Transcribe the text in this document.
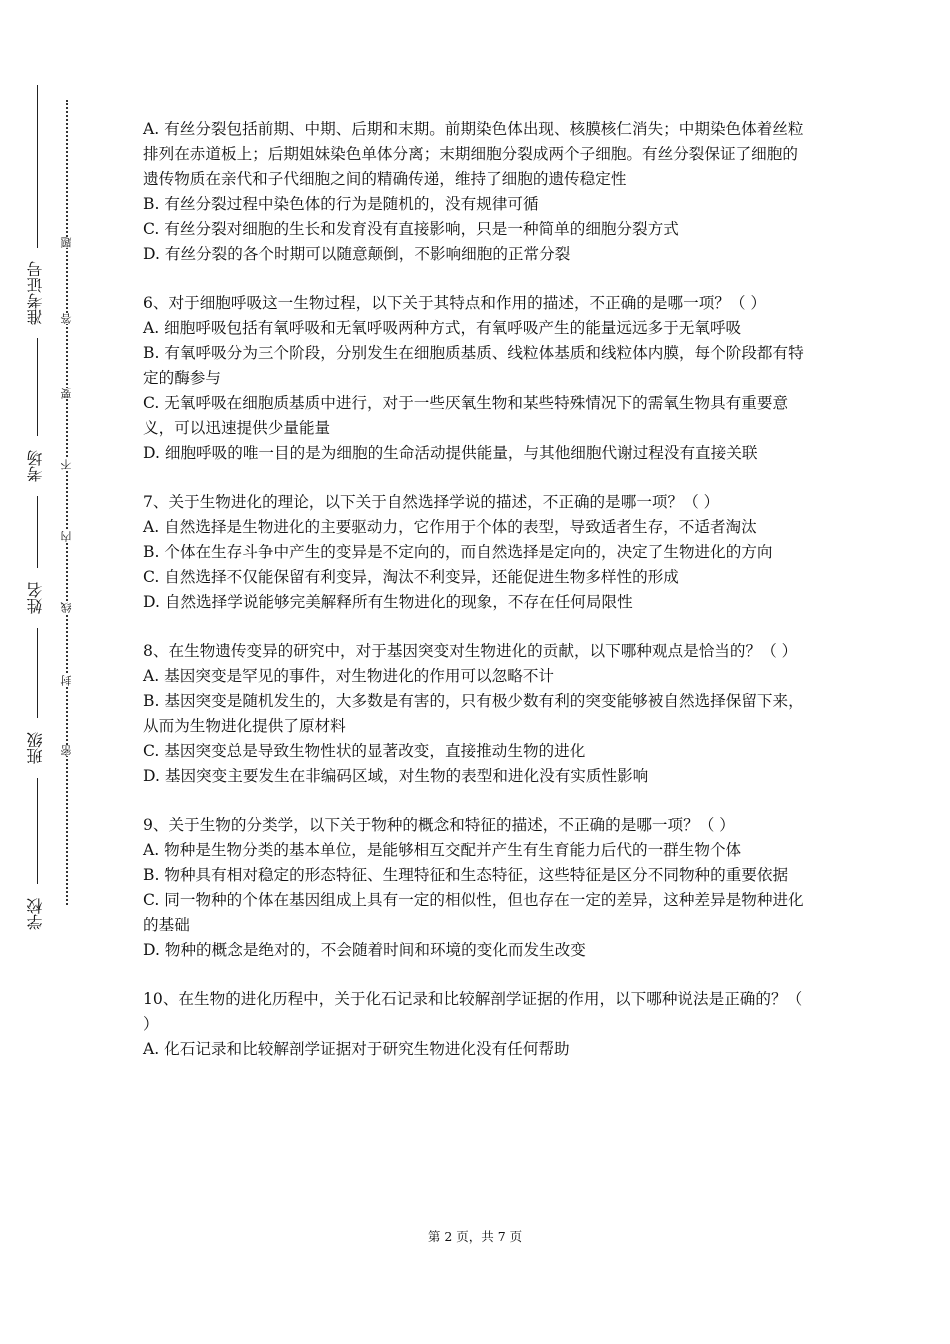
准考证号
考场
姓名
班级
学校
题
答
要
不
内
线
封
密

A. 有丝分裂包括前期、中期、后期和末期。前期染色体出现、核膜核仁消失；中期染色体着丝粒排列在赤道板上；后期姐妹染色单体分离；末期细胞分裂成两个子细胞。有丝分裂保证了细胞的遗传物质在亲代和子代细胞之间的精确传递，维持了细胞的遗传稳定性

B. 有丝分裂过程中染色体的行为是随机的，没有规律可循

C. 有丝分裂对细胞的生长和发育没有直接影响，只是一种简单的细胞分裂方式

D. 有丝分裂的各个时期可以随意颠倒，不影响细胞的正常分裂

6、对于细胞呼吸这一生物过程，以下关于其特点和作用的描述，不正确的是哪一项？（ ）

A. 细胞呼吸包括有氧呼吸和无氧呼吸两种方式，有氧呼吸产生的能量远远多于无氧呼吸

B. 有氧呼吸分为三个阶段，分别发生在细胞质基质、线粒体基质和线粒体内膜，每个阶段都有特定的酶参与

C. 无氧呼吸在细胞质基质中进行，对于一些厌氧生物和某些特殊情况下的需氧生物具有重要意义，可以迅速提供少量能量

D. 细胞呼吸的唯一目的是为细胞的生命活动提供能量，与其他细胞代谢过程没有直接关联

7、关于生物进化的理论，以下关于自然选择学说的描述，不正确的是哪一项？（ ）

A. 自然选择是生物进化的主要驱动力，它作用于个体的表型，导致适者生存，不适者淘汰

B. 个体在生存斗争中产生的变异是不定向的，而自然选择是定向的，决定了生物进化的方向

C. 自然选择不仅能保留有利变异，淘汰不利变异，还能促进生物多样性的形成

D. 自然选择学说能够完美解释所有生物进化的现象，不存在任何局限性

8、在生物遗传变异的研究中，对于基因突变对生物进化的贡献，以下哪种观点是恰当的？（ ）

A. 基因突变是罕见的事件，对生物进化的作用可以忽略不计

B. 基因突变是随机发生的，大多数是有害的，只有极少数有利的突变能够被自然选择保留下来，从而为生物进化提供了原材料

C. 基因突变总是导致生物性状的显著改变，直接推动生物的进化

D. 基因突变主要发生在非编码区域，对生物的表型和进化没有实质性影响

9、关于生物的分类学，以下关于物种的概念和特征的描述，不正确的是哪一项？（ ）

A. 物种是生物分类的基本单位，是能够相互交配并产生有生育能力后代的一群生物个体

B. 物种具有相对稳定的形态特征、生理特征和生态特征，这些特征是区分不同物种的重要依据

C. 同一物种的个体在基因组成上具有一定的相似性，但也存在一定的差异，这种差异是物种进化的基础

D. 物种的概念是绝对的，不会随着时间和环境的变化而发生改变

10、在生物的进化历程中，关于化石记录和比较解剖学证据的作用，以下哪种说法是正确的？（ ）

A. 化石记录和比较解剖学证据对于研究生物进化没有任何帮助

第 2 页，共 7 页
